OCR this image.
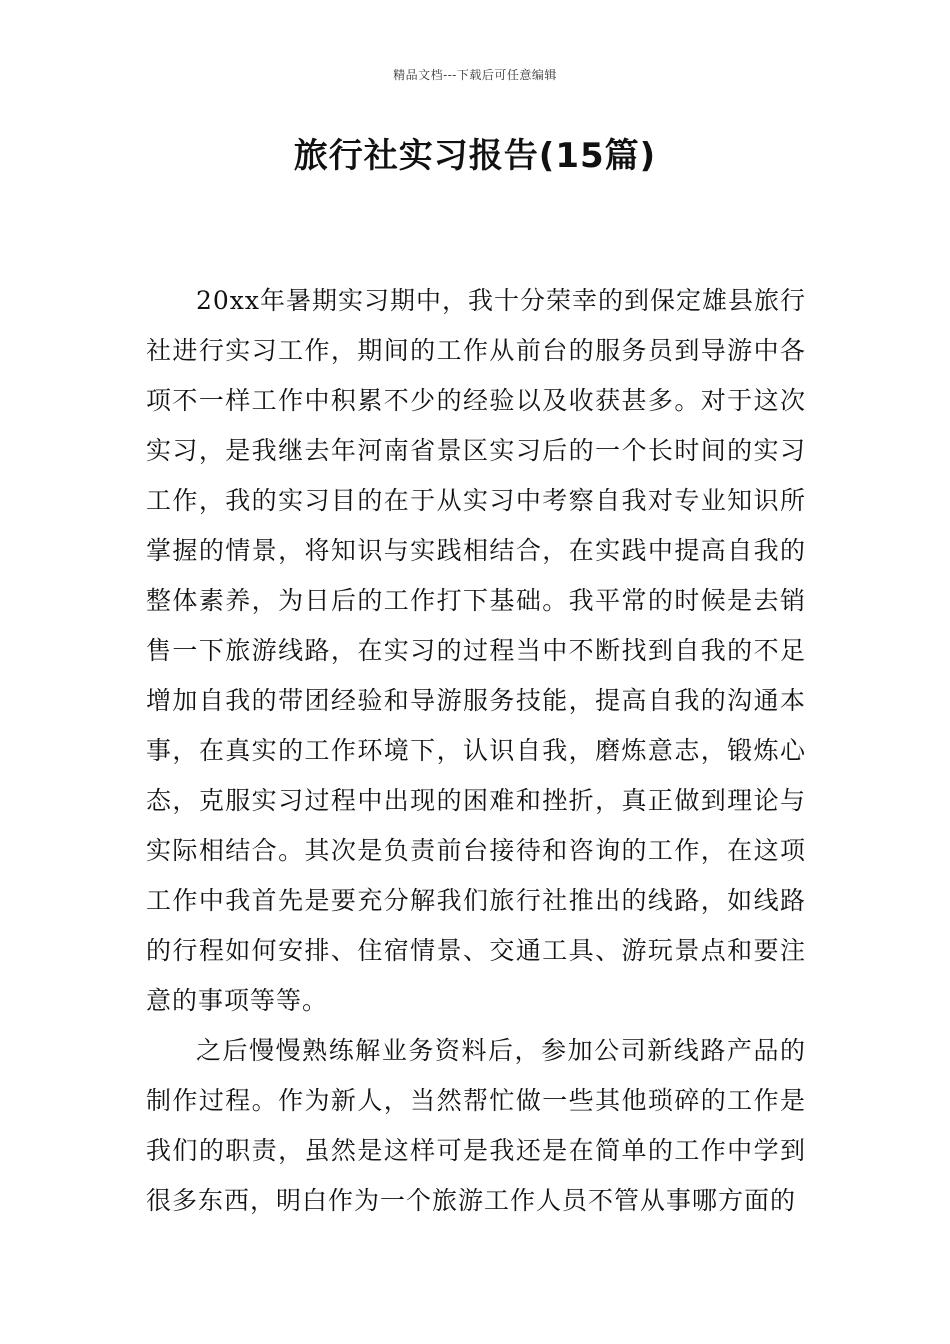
精品文档---下载后可任意编辑
旅行社实习报告(15篇)

20xx年暑期实习期中，我十分荣幸的到保定雄县旅行社进行实习工作，期间的工作从前台的服务员到导游中各项不一样工作中积累不少的经验以及收获甚多。对于这次实习，是我继去年河南省景区实习后的一个长时间的实习工作，我的实习目的在于从实习中考察自我对专业知识所掌握的情景，将知识与实践相结合，在实践中提高自我的整体素养，为日后的工作打下基础。我平常的时候是去销售一下旅游线路，在实习的过程当中不断找到自我的不足增加自我的带团经验和导游服务技能，提高自我的沟通本事，在真实的工作环境下，认识自我，磨炼意志，锻炼心态，克服实习过程中出现的困难和挫折，真正做到理论与实际相结合。其次是负责前台接待和咨询的工作，在这项工作中我首先是要充分解我们旅行社推出的线路，如线路的行程如何安排、住宿情景、交通工具、游玩景点和要注意的事项等等。

之后慢慢熟练解业务资料后，参加公司新线路产品的制作过程。作为新人，当然帮忙做一些其他琐碎的工作是我们的职责，虽然是这样可是我还是在简单的工作中学到很多东西，明白作为一个旅游工作人员不管从事哪方面的
